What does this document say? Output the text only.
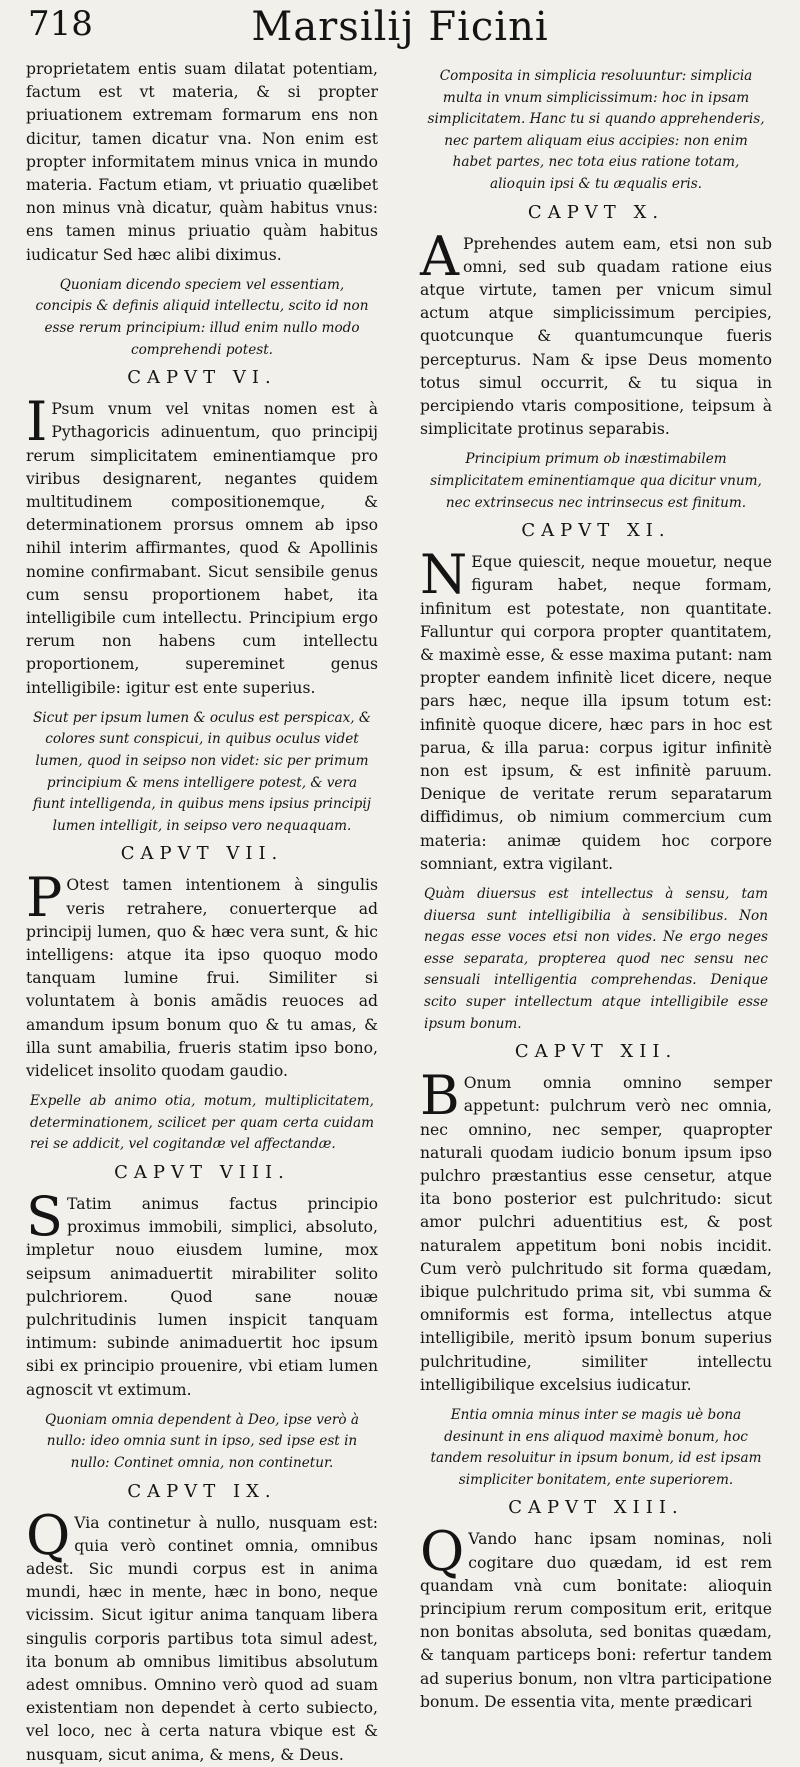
718	Marsilij Ficini

proprietatem entis suam dilatat potentiam, factum est vt materia, & si propter priuationem extremam formarum ens non dicitur, tamen dicatur vna. Non enim est propter informitatem minus vnica in mundo materia. Factum etiam, vt priuatio quælibet non minus vnà dicatur, quàm habitus vnus: ens tamen minus priuatio quàm habitus iudicatur Sed hæc alibi diximus.

Quoniam dicendo speciem vel essentiam, concipis & definis aliquid intellectu, scito id non esse rerum principium: illud enim nullo modo comprehendi potest.

CAPVT VI.

I Psum vnum vel vnitas nomen est à Pythagoricis adinuentum, quo principij rerum simplicitatem eminentiamque pro viribus designarent, negantes quidem multitudinem compositionemque, & determinationem prorsus omnem ab ipso nihil interim affirmantes, quod & Apollinis nomine confirmabant. Sicut sensibile genus cum sensu proportionem habet, ita intelligibile cum intellectu. Principium ergo rerum non habens cum intellectu proportionem, supereminet genus intelligibile: igitur est ente superius.

Sicut per ipsum lumen & oculus est perspicax, & colores sunt conspicui, in quibus oculus videt lumen, quod in seipso non videt: sic per primum principium & mens intelligere potest, & vera fiunt intelligenda, in quibus mens ipsius principij lumen intelligit, in seipso vero nequaquam.

CAPVT VII.

P Otest tamen intentionem à singulis veris retrahere, conuerterque ad principij lumen, quo & hæc vera sunt, & hic intelligens: atque ita ipso quoquo modo tanquam lumine frui. Similiter si voluntatem à bonis amãdis reuoces ad amandum ipsum bonum quo & tu amas, & illa sunt amabilia, frueris statim ipso bono, videlicet insolito quodam gaudio.

Expelle ab animo otia, motum, multiplicitatem, determinationem, scilicet per quam certa cuidam rei se addicit, vel cogitandæ vel affectandæ.

CAPVT VIII.

S Tatim animus factus principio proximus immobili, simplici, absoluto, impletur nouo eiusdem lumine, mox seipsum animaduertit mirabiliter solito pulchriorem. Quod sane nouæ pulchritudinis lumen inspicit tanquam intimum: subinde animaduertit hoc ipsum sibi ex principio prouenire, vbi etiam lumen agnoscit vt extimum.

Quoniam omnia dependent à Deo, ipse verò à nullo: ideo omnia sunt in ipso, sed ipse est in nullo: Continet omnia, non continetur.

CAPVT IX.

Q Via continetur à nullo, nusquam est: quia verò continet omnia, omnibus adest. Sic mundi corpus est in anima mundi, hæc in mente, hæc in bono, neque vicissim. Sicut igitur anima tanquam libera singulis corporis partibus tota simul adest, ita bonum ab omnibus limitibus absolutum adest omnibus. Omnino verò quod ad suam existentiam non dependet à certo subiecto, vel loco, nec à certa natura vbique est & nusquam, sicut anima, & mens, & Deus.

Composita in simplicia resoluuntur: simplicia multa in vnum simplicissimum: hoc in ipsam simplicitatem. Hanc tu si quando apprehenderis, nec partem aliquam eius accipies: non enim habet partes, nec tota eius ratione totam, alioquin ipsi & tu æqualis eris.

CAPVT X.

A Pprehendes autem eam, etsi non sub omni, sed sub quadam ratione eius atque virtute, tamen per vnicum simul actum atque simplicissimum percipies, quotcunque & quantumcunque fueris percepturus. Nam & ipse Deus momento totus simul occurrit, & tu siqua in percipiendo vtaris compositione, teipsum à simplicitate protinus separabis.

Principium primum ob inæstimabilem simplicitatem eminentiamque qua dicitur vnum, nec extrinsecus nec intrinsecus est finitum.

CAPVT XI.

N Eque quiescit, neque mouetur, neque figuram habet, neque formam, infinitum est potestate, non quantitate. Falluntur qui corpora propter quantitatem, & maximè esse, & esse maxima putant: nam propter eandem infinitè licet dicere, neque pars hæc, neque illa ipsum totum est: infinitè quoque dicere, hæc pars in hoc est parua, & illa parua: corpus igitur infinitè non est ipsum, & est infinitè paruum. Denique de veritate rerum separatarum diffidimus, ob nimium commercium cum materia: animæ quidem hoc corpore somniant, extra vigilant.

Quàm diuersus est intellectus à sensu, tam diuersa sunt intelligibilia à sensibilibus. Non negas esse voces etsi non vides. Ne ergo neges esse separata, propterea quod nec sensu nec sensuali intelligentia comprehendas. Denique scito super intellectum atque intelligibile esse ipsum bonum.

CAPVT XII.

B Onum omnia omnino semper appetunt: pulchrum verò nec omnia, nec omnino, nec semper, quapropter naturali quodam iudicio bonum ipsum ipso pulchro præstantius esse censetur, atque ita bono posterior est pulchritudo: sicut amor pulchri aduentitius est, & post naturalem appetitum boni nobis incidit. Cum verò pulchritudo sit forma quædam, ibique pulchritudo prima sit, vbi summa & omniformis est forma, intellectus atque intelligibile, meritò ipsum bonum superius pulchritudine, similiter intellectu intelligibilique excelsius iudicatur.

Entia omnia minus inter se magis uè bona desinunt in ens aliquod maximè bonum, hoc tandem resoluitur in ipsum bonum, id est ipsam simpliciter bonitatem, ente superiorem.

CAPVT XIII.

Q Vando hanc ipsam nominas, noli cogitare duo quædam, id est rem quandam vnà cum bonitate: alioquin principium rerum compositum erit, eritque non bonitas absoluta, sed bonitas quædam, & tanquam particeps boni: refertur tandem ad superius bonum, non vltra participatione bonum. De essentia vita, mente prædicari
